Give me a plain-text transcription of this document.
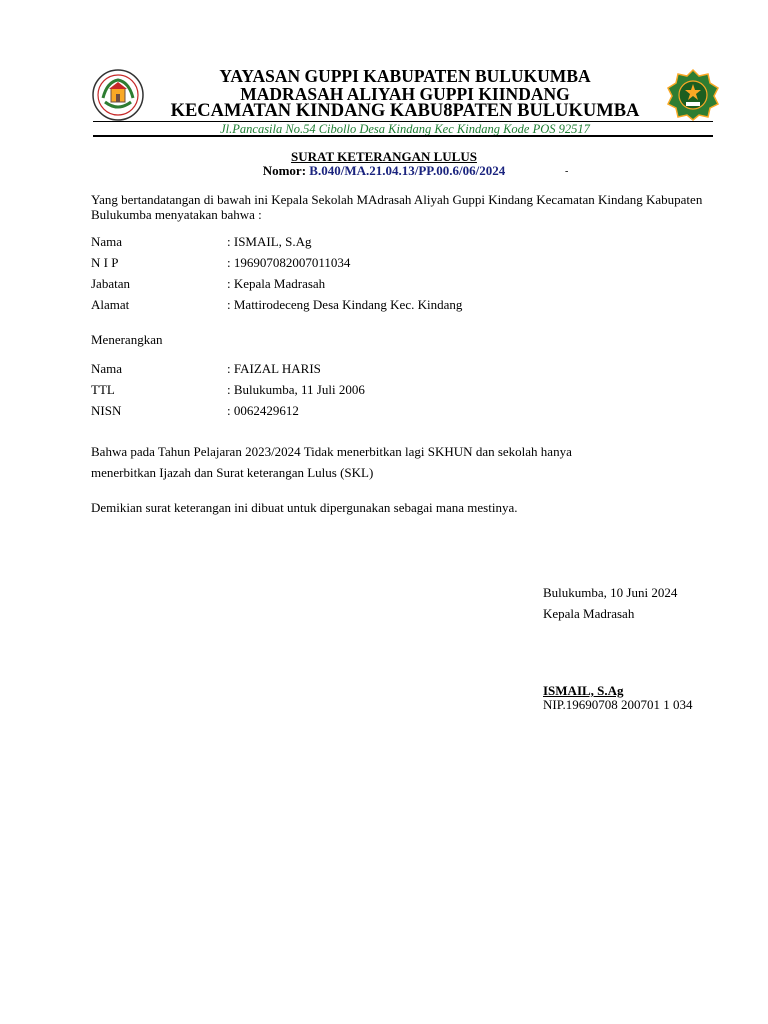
YAYASAN GUPPI KABUPATEN BULUKUMBA
MADRASAH ALIYAH GUPPI KIINDANG
KECAMATAN KINDANG KABU8PATEN BULUKUMBA
Jl.Pancasila No.54 Cibollo Desa Kindang Kec Kindang Kode POS 92517
SURAT KETERANGAN LULUS
Nomor: B.040/MA.21.04.13/PP.00.6/06/2024	-
Yang bertandatangan di bawah ini Kepala Sekolah MAdrasah Aliyah Guppi Kindang Kecamatan Kindang Kabupaten Bulukumba menyatakan bahwa :
Nama	: ISMAIL, S.Ag
N I P	: 196907082007011034
Jabatan	: Kepala Madrasah
Alamat	: Mattirodeceng Desa Kindang Kec. Kindang
Menerangkan
Nama	: FAIZAL HARIS
TTL	: Bulukumba, 11 Juli 2006
NISN	: 0062429612
Bahwa pada Tahun Pelajaran 2023/2024 Tidak menerbitkan lagi SKHUN dan sekolah hanya
menerbitkan Ijazah dan Surat keterangan Lulus (SKL)
Demikian surat keterangan ini dibuat untuk dipergunakan sebagai mana mestinya.
Bulukumba, 10 Juni 2024
Kepala Madrasah
ISMAIL, S.Ag
NIP.19690708 200701 1 034
